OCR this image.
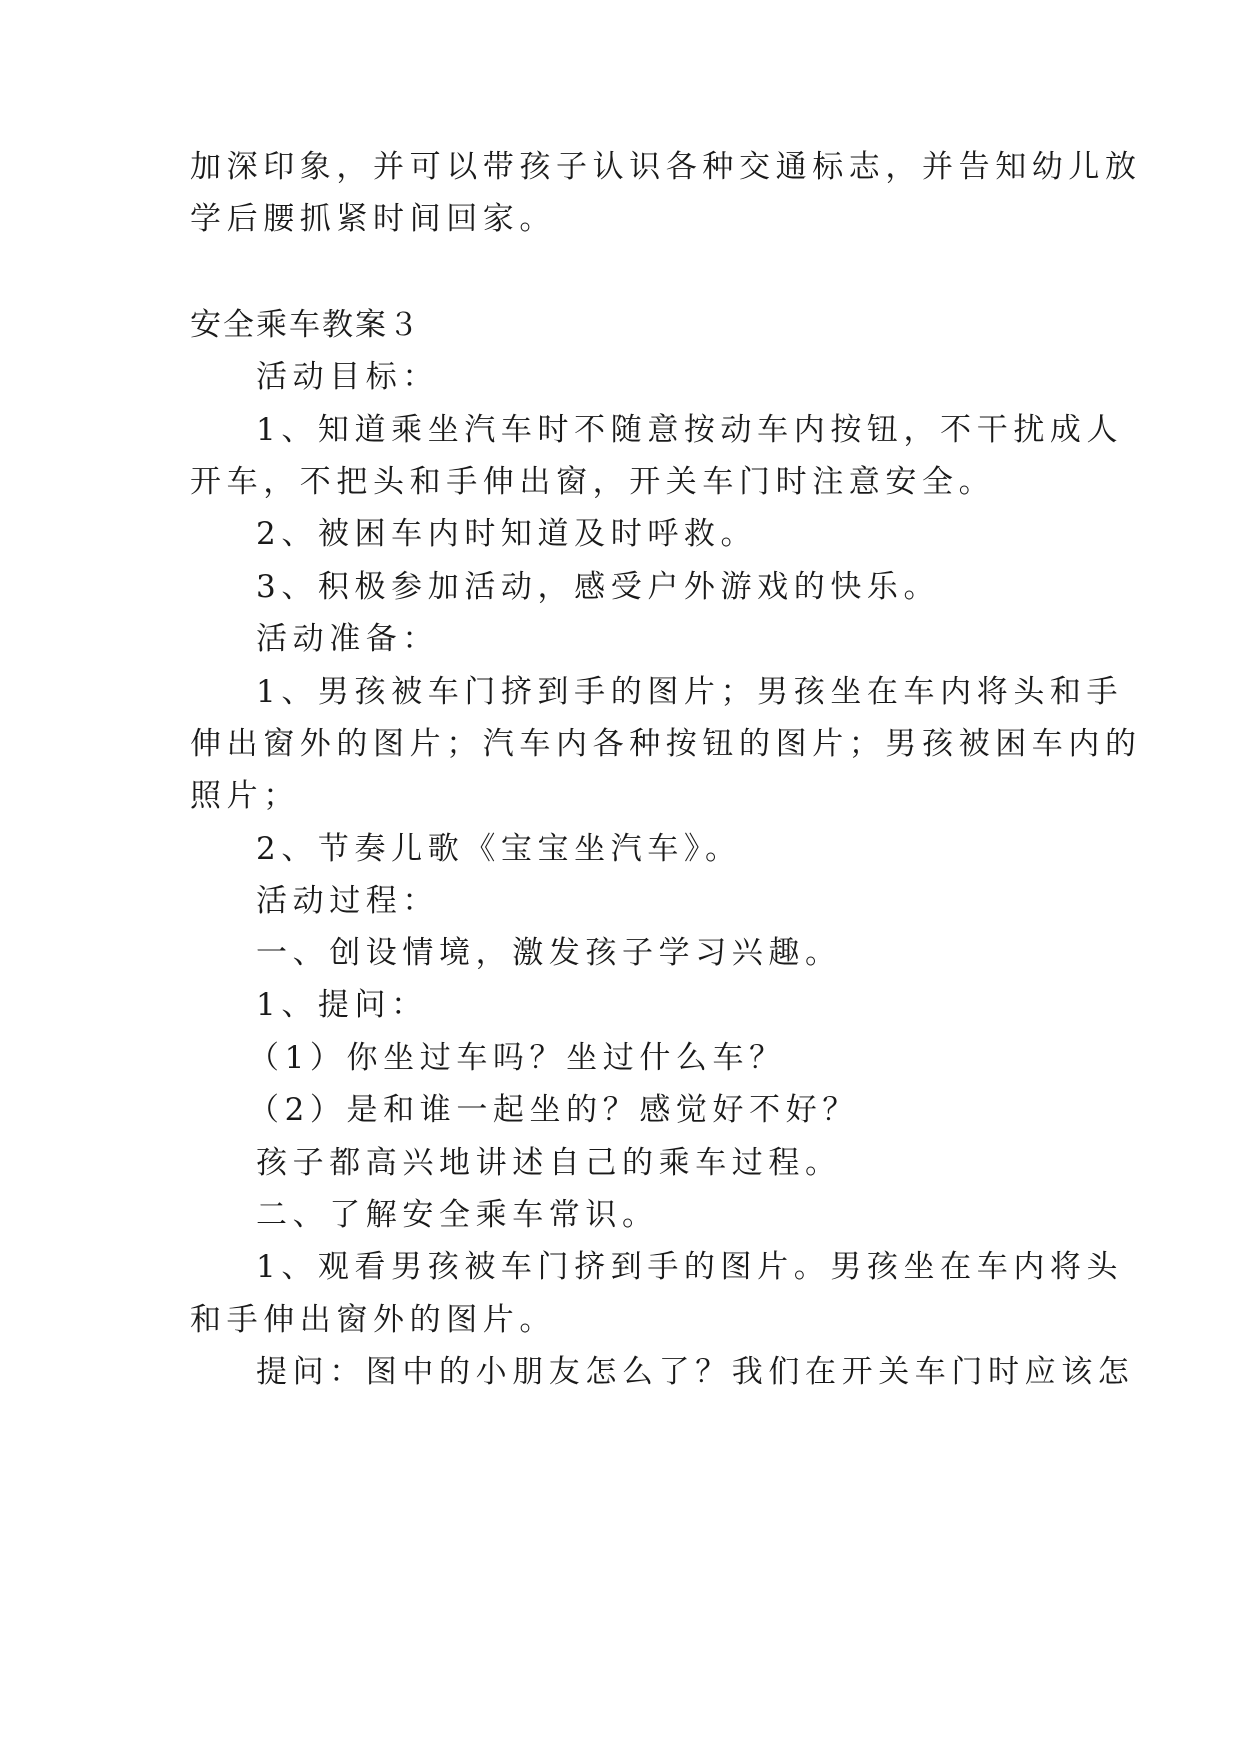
加深印象，并可以带孩子认识各种交通标志，并告知幼儿放
学后腰抓紧时间回家。
安全乘车教案３
活动目标：
1、知道乘坐汽车时不随意按动车内按钮，不干扰成人
开车，不把头和手伸出窗，开关车门时注意安全。
2、被困车内时知道及时呼救。
3、积极参加活动，感受户外游戏的快乐。
活动准备：
1、男孩被车门挤到手的图片；男孩坐在车内将头和手
伸出窗外的图片；汽车内各种按钮的图片；男孩被困车内的
照片；
2、节奏儿歌《宝宝坐汽车》。
活动过程：
一、创设情境，激发孩子学习兴趣。
1、提问：
（1）你坐过车吗？坐过什么车？
（2）是和谁一起坐的？感觉好不好？
孩子都高兴地讲述自己的乘车过程。
二、了解安全乘车常识。
1、观看男孩被车门挤到手的图片。男孩坐在车内将头
和手伸出窗外的图片。
提问：图中的小朋友怎么了？我们在开关车门时应该怎
